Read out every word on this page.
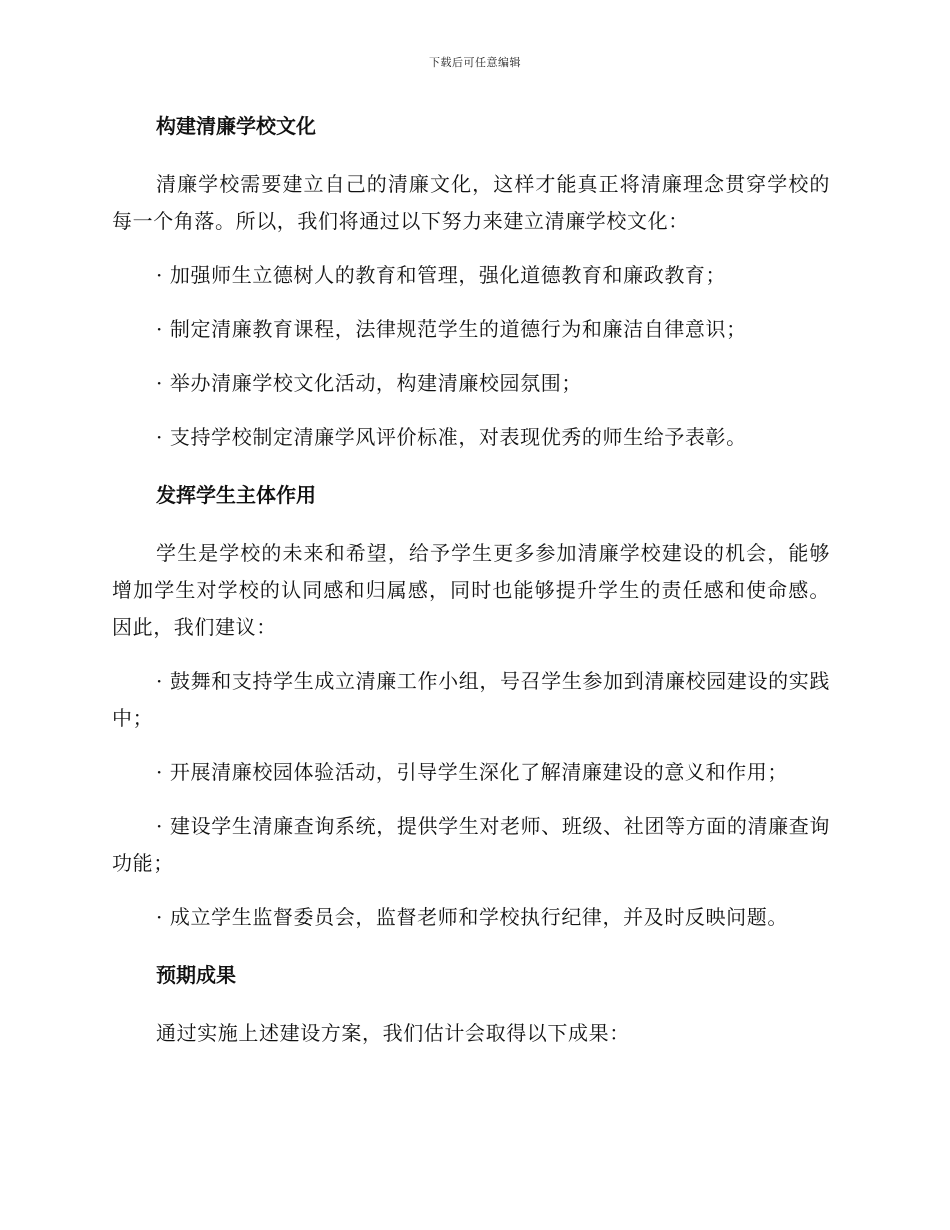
下载后可任意编辑
构建清廉学校文化

清廉学校需要建立自己的清廉文化，这样才能真正将清廉理念贯穿学校的每一个角落。所以，我们将通过以下努力来建立清廉学校文化：

· 加强师生立德树人的教育和管理，强化道德教育和廉政教育；

· 制定清廉教育课程，法律规范学生的道德行为和廉洁自律意识；

· 举办清廉学校文化活动，构建清廉校园氛围；

· 支持学校制定清廉学风评价标准，对表现优秀的师生给予表彰。

发挥学生主体作用

学生是学校的未来和希望，给予学生更多参加清廉学校建设的机会，能够增加学生对学校的认同感和归属感，同时也能够提升学生的责任感和使命感。因此，我们建议：

· 鼓舞和支持学生成立清廉工作小组，号召学生参加到清廉校园建设的实践中；

· 开展清廉校园体验活动，引导学生深化了解清廉建设的意义和作用；

· 建设学生清廉查询系统，提供学生对老师、班级、社团等方面的清廉查询功能；

· 成立学生监督委员会，监督老师和学校执行纪律，并及时反映问题。

预期成果

通过实施上述建设方案，我们估计会取得以下成果：
